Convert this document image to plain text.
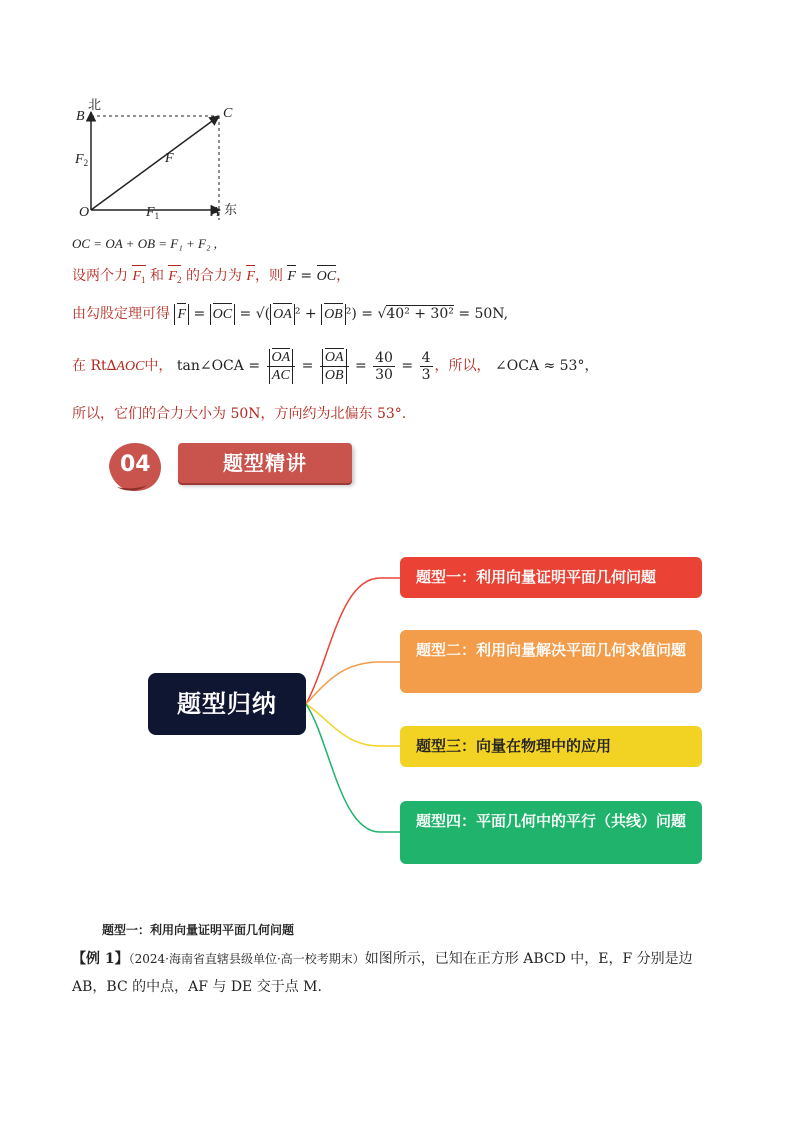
北
B	C
O	A 东
F
$F_2$
$F_1$
OC = OA + OB = F₁ + F₂ ,
设两个力 $F_1$ 和 $F_2$ 的合力为 F，则 F = OC，
由勾股定理可得 F = OC = √( OA ² + OB ²) = √40² + 30² = 50N,
在 Rt∆AOC中， tan∠OCA = $\frac{OA}{AC} = \frac{OA}{OB} = \frac{40}{30} = \frac{4}{3}$ ，所以， ∠OCA ≈ 53°，
所以，它们的合力大小为 50N，方向约为北偏东 53°.
04	题型精讲
题型归纳
题型一：利用向量证明平面几何问题
题型二：利用向量解决平面几何求值问题
题型三：向量在物理中的应用
题型四：平面几何中的平行（共线）问题
题型一：利用向量证明平面几何问题
【例 1】（2024·海南省直辖县级单位·高一校考期末）如图所示，已知在正方形 ABCD 中，E，F 分别是边 AB，BC 的中点，AF 与 DE 交于点 M.
